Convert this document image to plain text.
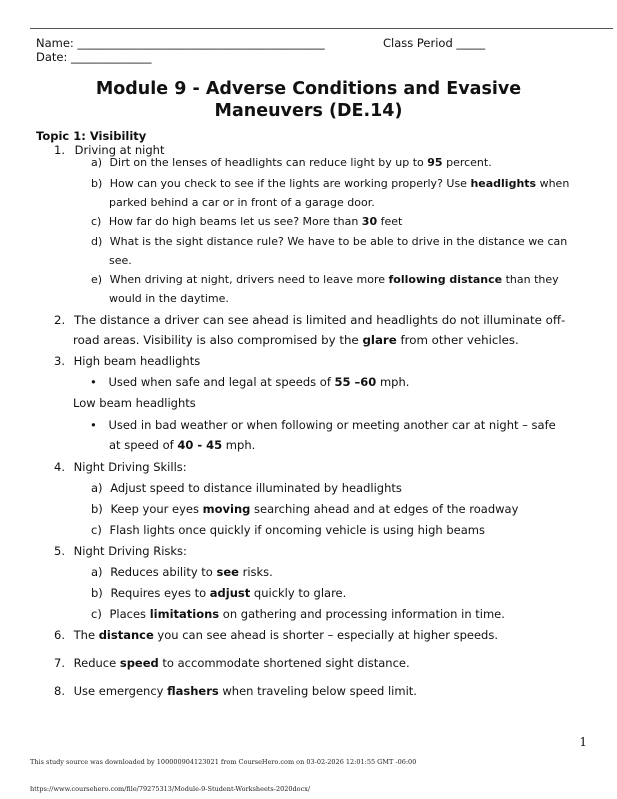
Name: ___________________________________________	Class Period _____
Date: ______________
Module 9 - Adverse Conditions and Evasive
Maneuvers (DE.14)
Topic 1: Visibility
1. Driving at night
a) Dirt on the lenses of headlights can reduce light by up to 95 percent.
b) How can you check to see if the lights are working properly? Use headlights when
parked behind a car or in front of a garage door.
c) How far do high beams let us see? More than 30 feet
d) What is the sight distance rule? We have to be able to drive in the distance we can
see.
e) When driving at night, drivers need to leave more following distance than they
would in the daytime.
2. The distance a driver can see ahead is limited and headlights do not illuminate off-
road areas. Visibility is also compromised by the glare from other vehicles.
3. High beam headlights
• Used when safe and legal at speeds of 55 –60 mph.
Low beam headlights
• Used in bad weather or when following or meeting another car at night – safe
at speed of 40 - 45 mph.
4. Night Driving Skills:
a) Adjust speed to distance illuminated by headlights
b) Keep your eyes moving searching ahead and at edges of the roadway
c) Flash lights once quickly if oncoming vehicle is using high beams
5. Night Driving Risks:
a) Reduces ability to see risks.
b) Requires eyes to adjust quickly to glare.
c) Places limitations on gathering and processing information in time.
6. The distance you can see ahead is shorter – especially at higher speeds.
7. Reduce speed to accommodate shortened sight distance.
8. Use emergency flashers when traveling below speed limit.
1
This study source was downloaded by 100000904123021 from CourseHero.com on 03-02-2026 12:01:55 GMT -06:00
https://www.coursehero.com/file/79275313/Module-9-Student-Worksheets-2020docx/
